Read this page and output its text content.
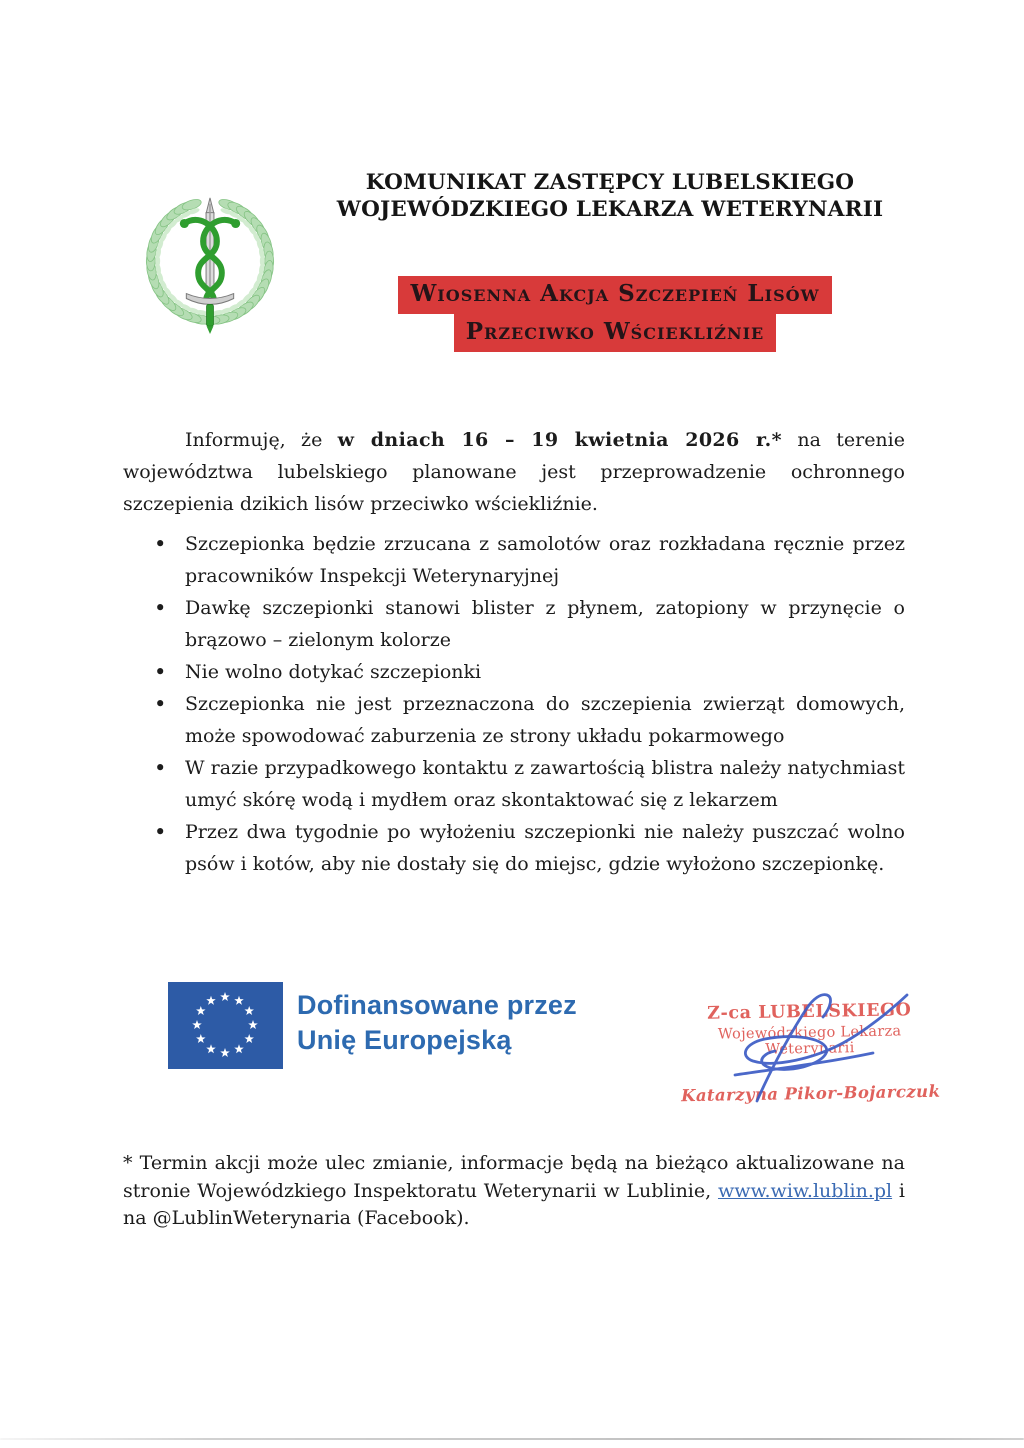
KOMUNIKAT ZASTĘPCY LUBELSKIEGO
WOJEWÓDZKIEGO LEKARZA WETERYNARII
Wiosenna Akcja Szczepień Lisów
Przeciwko Wściekliźnie

Informuję, że w dniach 16 – 19 kwietnia 2026 r.* na terenie województwa lubelskiego planowane jest przeprowadzenie ochronnego szczepienia dzikich lisów przeciwko wściekliźnie.

• Szczepionka będzie zrzucana z samolotów oraz rozkładana ręcznie przez pracowników Inspekcji Weterynaryjnej
• Dawkę szczepionki stanowi blister z płynem, zatopiony w przynęcie o brązowo – zielonym kolorze
• Nie wolno dotykać szczepionki
• Szczepionka nie jest przeznaczona do szczepienia zwierząt domowych, może spowodować zaburzenia ze strony układu pokarmowego
• W razie przypadkowego kontaktu z zawartością blistra należy natychmiast umyć skórę wodą i mydłem oraz skontaktować się z lekarzem
• Przez dwa tygodnie po wyłożeniu szczepionki nie należy puszczać wolno psów i kotów, aby nie dostały się do miejsc, gdzie wyłożono szczepionkę.
Dofinansowane przez
Unię Europejską
Z-ca LUBELSKIEGO
Wojewódzkiego Lekarza Weterynarii
Katarzyna Pikor-Bojarczuk

* Termin akcji może ulec zmianie, informacje będą na bieżąco aktualizowane na stronie Wojewódzkiego Inspektoratu Weterynarii w Lublinie, www.wiw.lublin.pl i na @LublinWeterynaria (Facebook).
